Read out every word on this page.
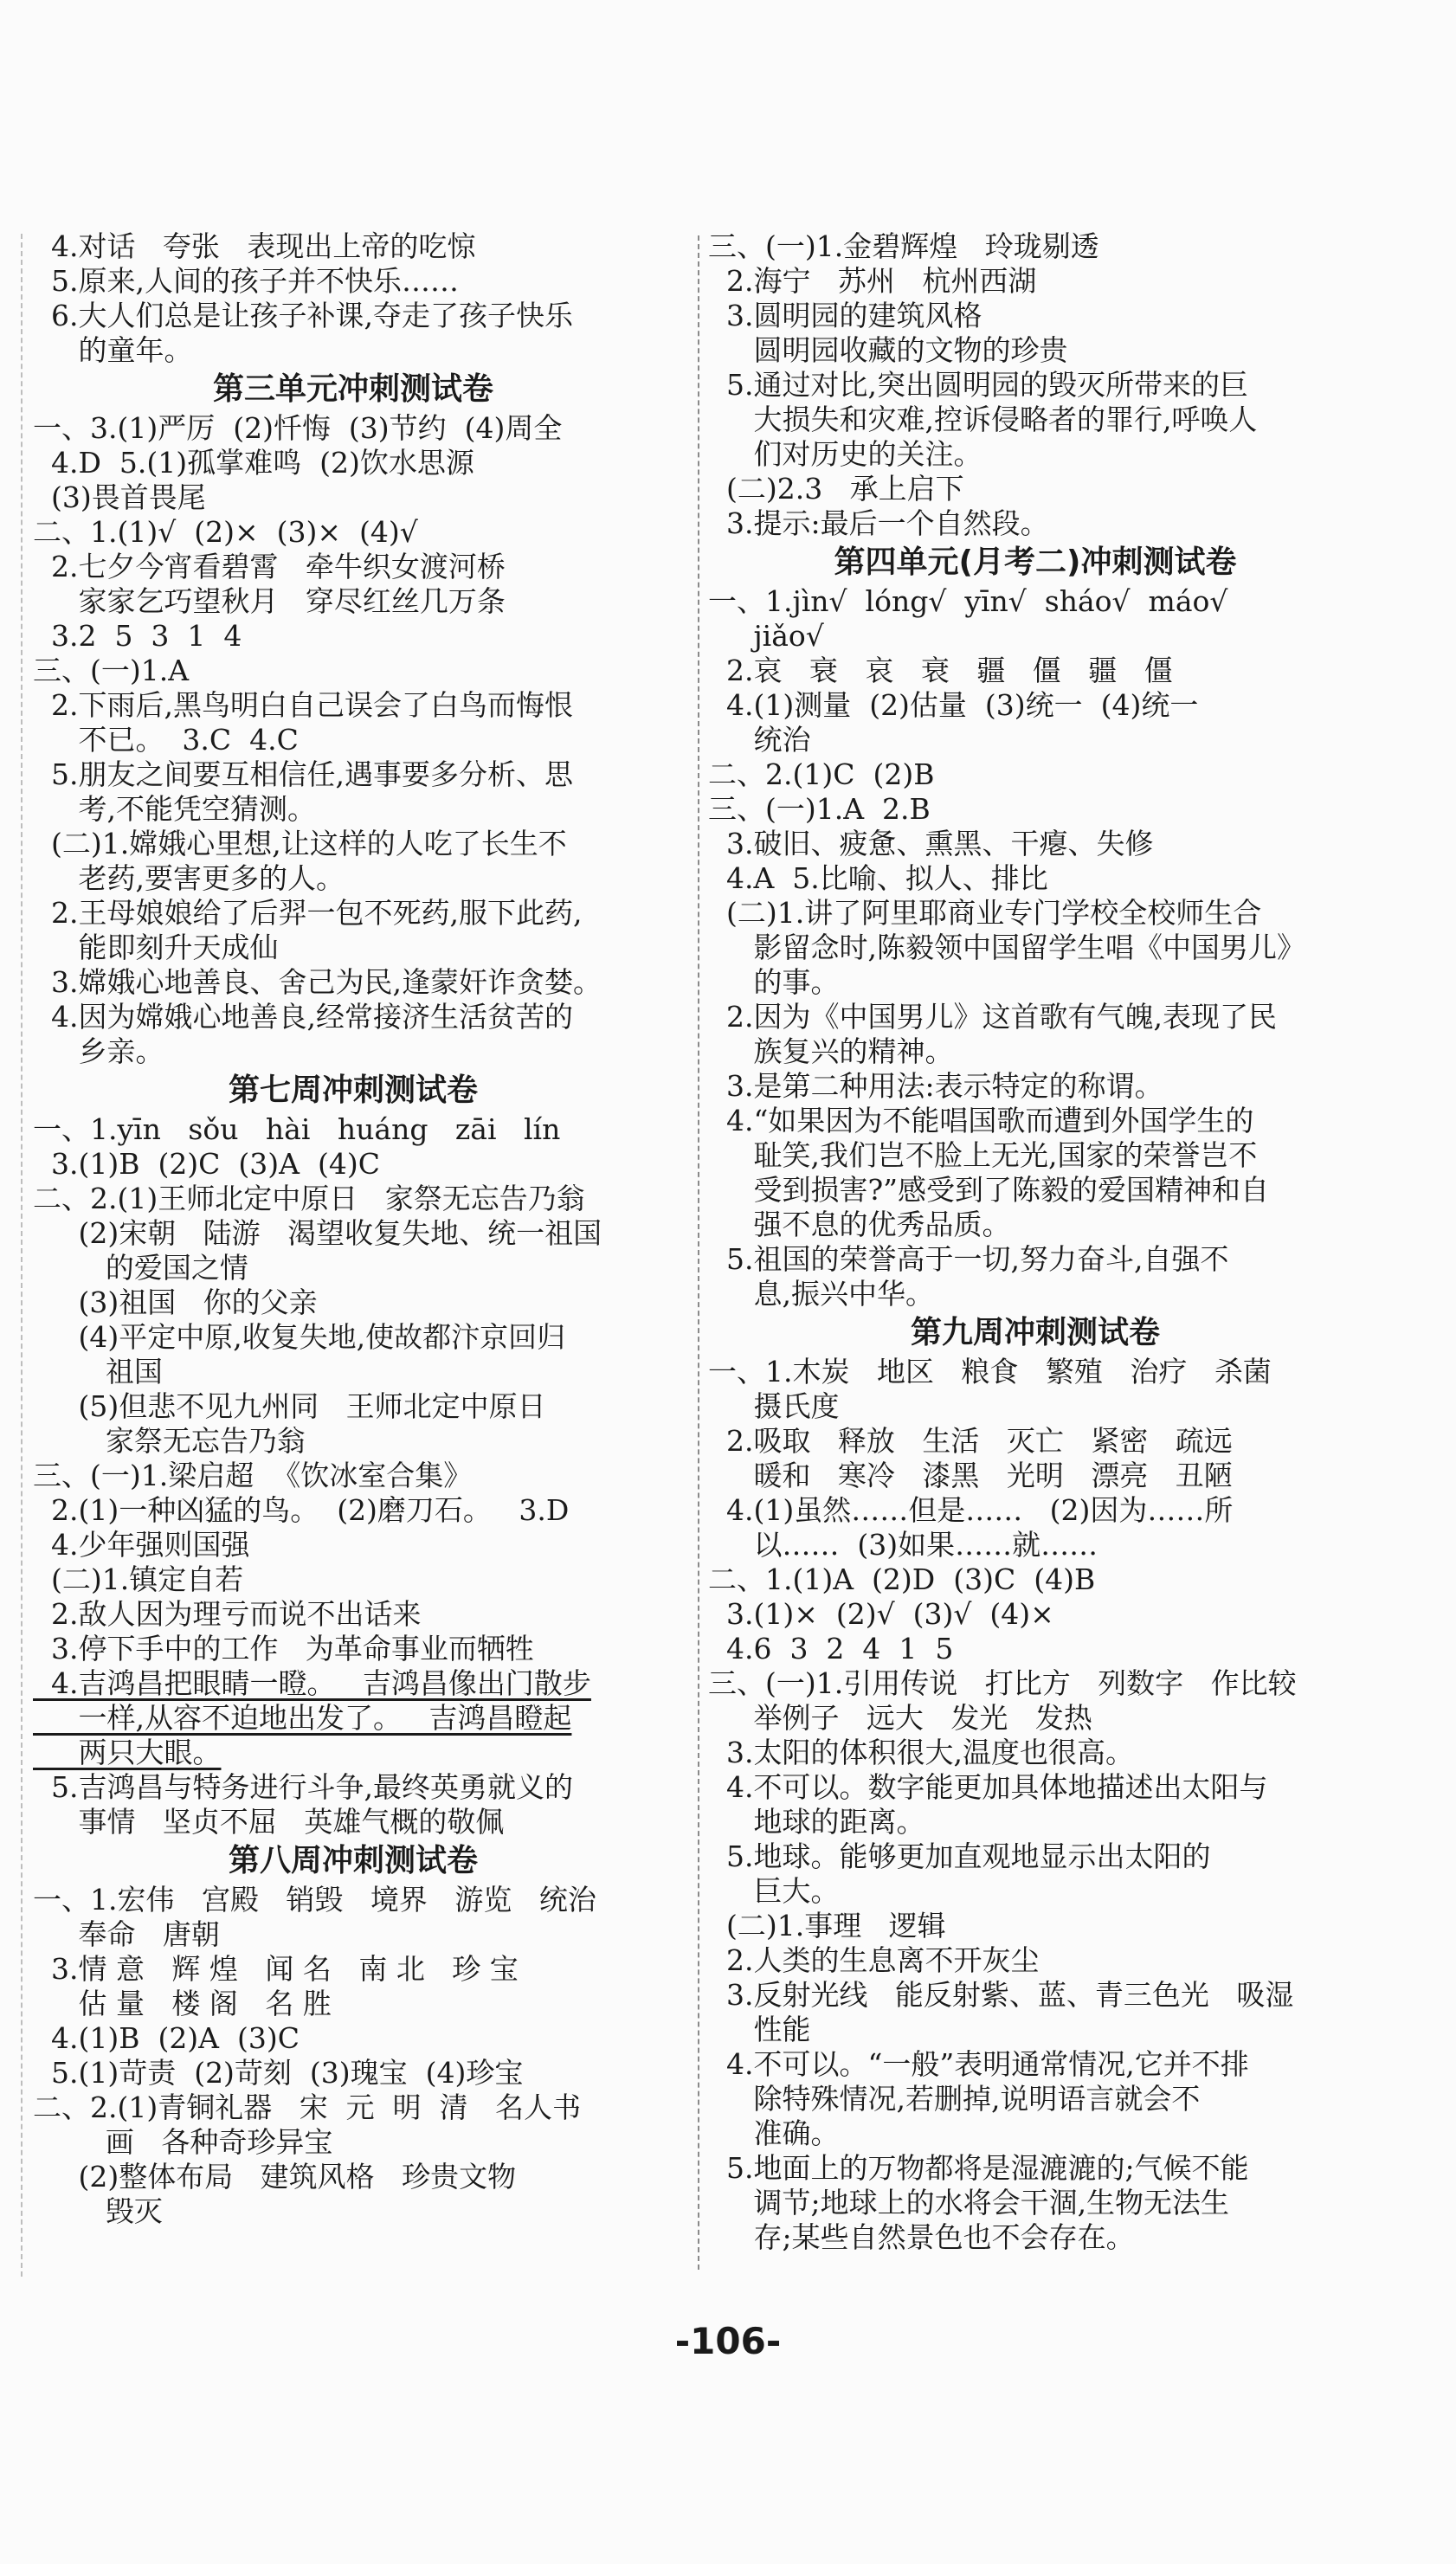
4.对话   夸张   表现出上帝的吃惊
5.原来,人间的孩子并不快乐……
6.大人们总是让孩子补课,夺走了孩子快乐
的童年。
第三单元冲刺测试卷
一、3.(1)严厉  (2)忏悔  (3)节约  (4)周全
4.D  5.(1)孤掌难鸣  (2)饮水思源
(3)畏首畏尾
二、1.(1)√  (2)×  (3)×  (4)√
2.七夕今宵看碧霄   牵牛织女渡河桥
家家乞巧望秋月   穿尽红丝几万条
3.2  5  3  1  4
三、(一)1.A
2.下雨后,黑鸟明白自己误会了白鸟而悔恨
不已。  3.C  4.C
5.朋友之间要互相信任,遇事要多分析、思
考,不能凭空猜测。
(二)1.嫦娥心里想,让这样的人吃了长生不
老药,要害更多的人。
2.王母娘娘给了后羿一包不死药,服下此药,
能即刻升天成仙
3.嫦娥心地善良、舍己为民,逢蒙奸诈贪婪。
4.因为嫦娥心地善良,经常接济生活贫苦的
乡亲。
第七周冲刺测试卷
一、1.yīn   sǒu   hài   huáng   zāi   lín
3.(1)B  (2)C  (3)A  (4)C
二、2.(1)王师北定中原日   家祭无忘告乃翁
(2)宋朝   陆游   渴望收复失地、统一祖国
的爱国之情
(3)祖国   你的父亲
(4)平定中原,收复失地,使故都汴京回归
祖国
(5)但悲不见九州同   王师北定中原日
家祭无忘告乃翁
三、(一)1.梁启超  《饮冰室合集》
2.(1)一种凶猛的鸟。  (2)磨刀石。   3.D
4.少年强则国强
(二)1.镇定自若
2.敌人因为理亏而说不出话来
3.停下手中的工作   为革命事业而牺牲
4.吉鸿昌把眼睛一瞪。   吉鸿昌像出门散步
一样,从容不迫地出发了。   吉鸿昌瞪起
两只大眼。
5.吉鸿昌与特务进行斗争,最终英勇就义的
事情   坚贞不屈   英雄气概的敬佩
第八周冲刺测试卷
一、1.宏伟   宫殿   销毁   境界   游览   统治
奉命   唐朝
3.情 意   辉 煌   闻 名   南 北   珍 宝
估 量   楼 阁   名 胜
4.(1)B  (2)A  (3)C
5.(1)苛责  (2)苛刻  (3)瑰宝  (4)珍宝
二、2.(1)青铜礼器   宋  元  明  清   名人书
画   各种奇珍异宝
(2)整体布局   建筑风格   珍贵文物
毁灭
三、(一)1.金碧辉煌   玲珑剔透
2.海宁   苏州   杭州西湖
3.圆明园的建筑风格
圆明园收藏的文物的珍贵
5.通过对比,突出圆明园的毁灭所带来的巨
大损失和灾难,控诉侵略者的罪行,呼唤人
们对历史的关注。
(二)2.3   承上启下
3.提示:最后一个自然段。
第四单元(月考二)冲刺测试卷
一、1.jìn√  lóng√  yīn√  sháo√  máo√
jiǎo√
2.哀   衰   哀   衰   疆   僵   疆   僵
4.(1)测量  (2)估量  (3)统一  (4)统一
统治
二、2.(1)C  (2)B
三、(一)1.A  2.B
3.破旧、疲惫、熏黑、干瘪、失修
4.A  5.比喻、拟人、排比
(二)1.讲了阿里耶商业专门学校全校师生合
影留念时,陈毅领中国留学生唱《中国男儿》
的事。
2.因为《中国男儿》这首歌有气魄,表现了民
族复兴的精神。
3.是第二种用法:表示特定的称谓。
4.“如果因为不能唱国歌而遭到外国学生的
耻笑,我们岂不脸上无光,国家的荣誉岂不
受到损害?”感受到了陈毅的爱国精神和自
强不息的优秀品质。
5.祖国的荣誉高于一切,努力奋斗,自强不
息,振兴中华。
第九周冲刺测试卷
一、1.木炭   地区   粮食   繁殖   治疗   杀菌
摄氏度
2.吸取   释放   生活   灭亡   紧密   疏远
暖和   寒冷   漆黑   光明   漂亮   丑陋
4.(1)虽然……但是……   (2)因为……所
以……  (3)如果……就……
二、1.(1)A  (2)D  (3)C  (4)B
3.(1)×  (2)√  (3)√  (4)×
4.6  3  2  4  1  5
三、(一)1.引用传说   打比方   列数字   作比较
举例子   远大   发光   发热
3.太阳的体积很大,温度也很高。
4.不可以。数字能更加具体地描述出太阳与
地球的距离。
5.地球。能够更加直观地显示出太阳的
巨大。
(二)1.事理   逻辑
2.人类的生息离不开灰尘
3.反射光线   能反射紫、蓝、青三色光   吸湿
性能
4.不可以。“一般”表明通常情况,它并不排
除特殊情况,若删掉,说明语言就会不
准确。
5.地面上的万物都将是湿漉漉的;气候不能
调节;地球上的水将会干涸,生物无法生
存;某些自然景色也不会存在。
-106-
